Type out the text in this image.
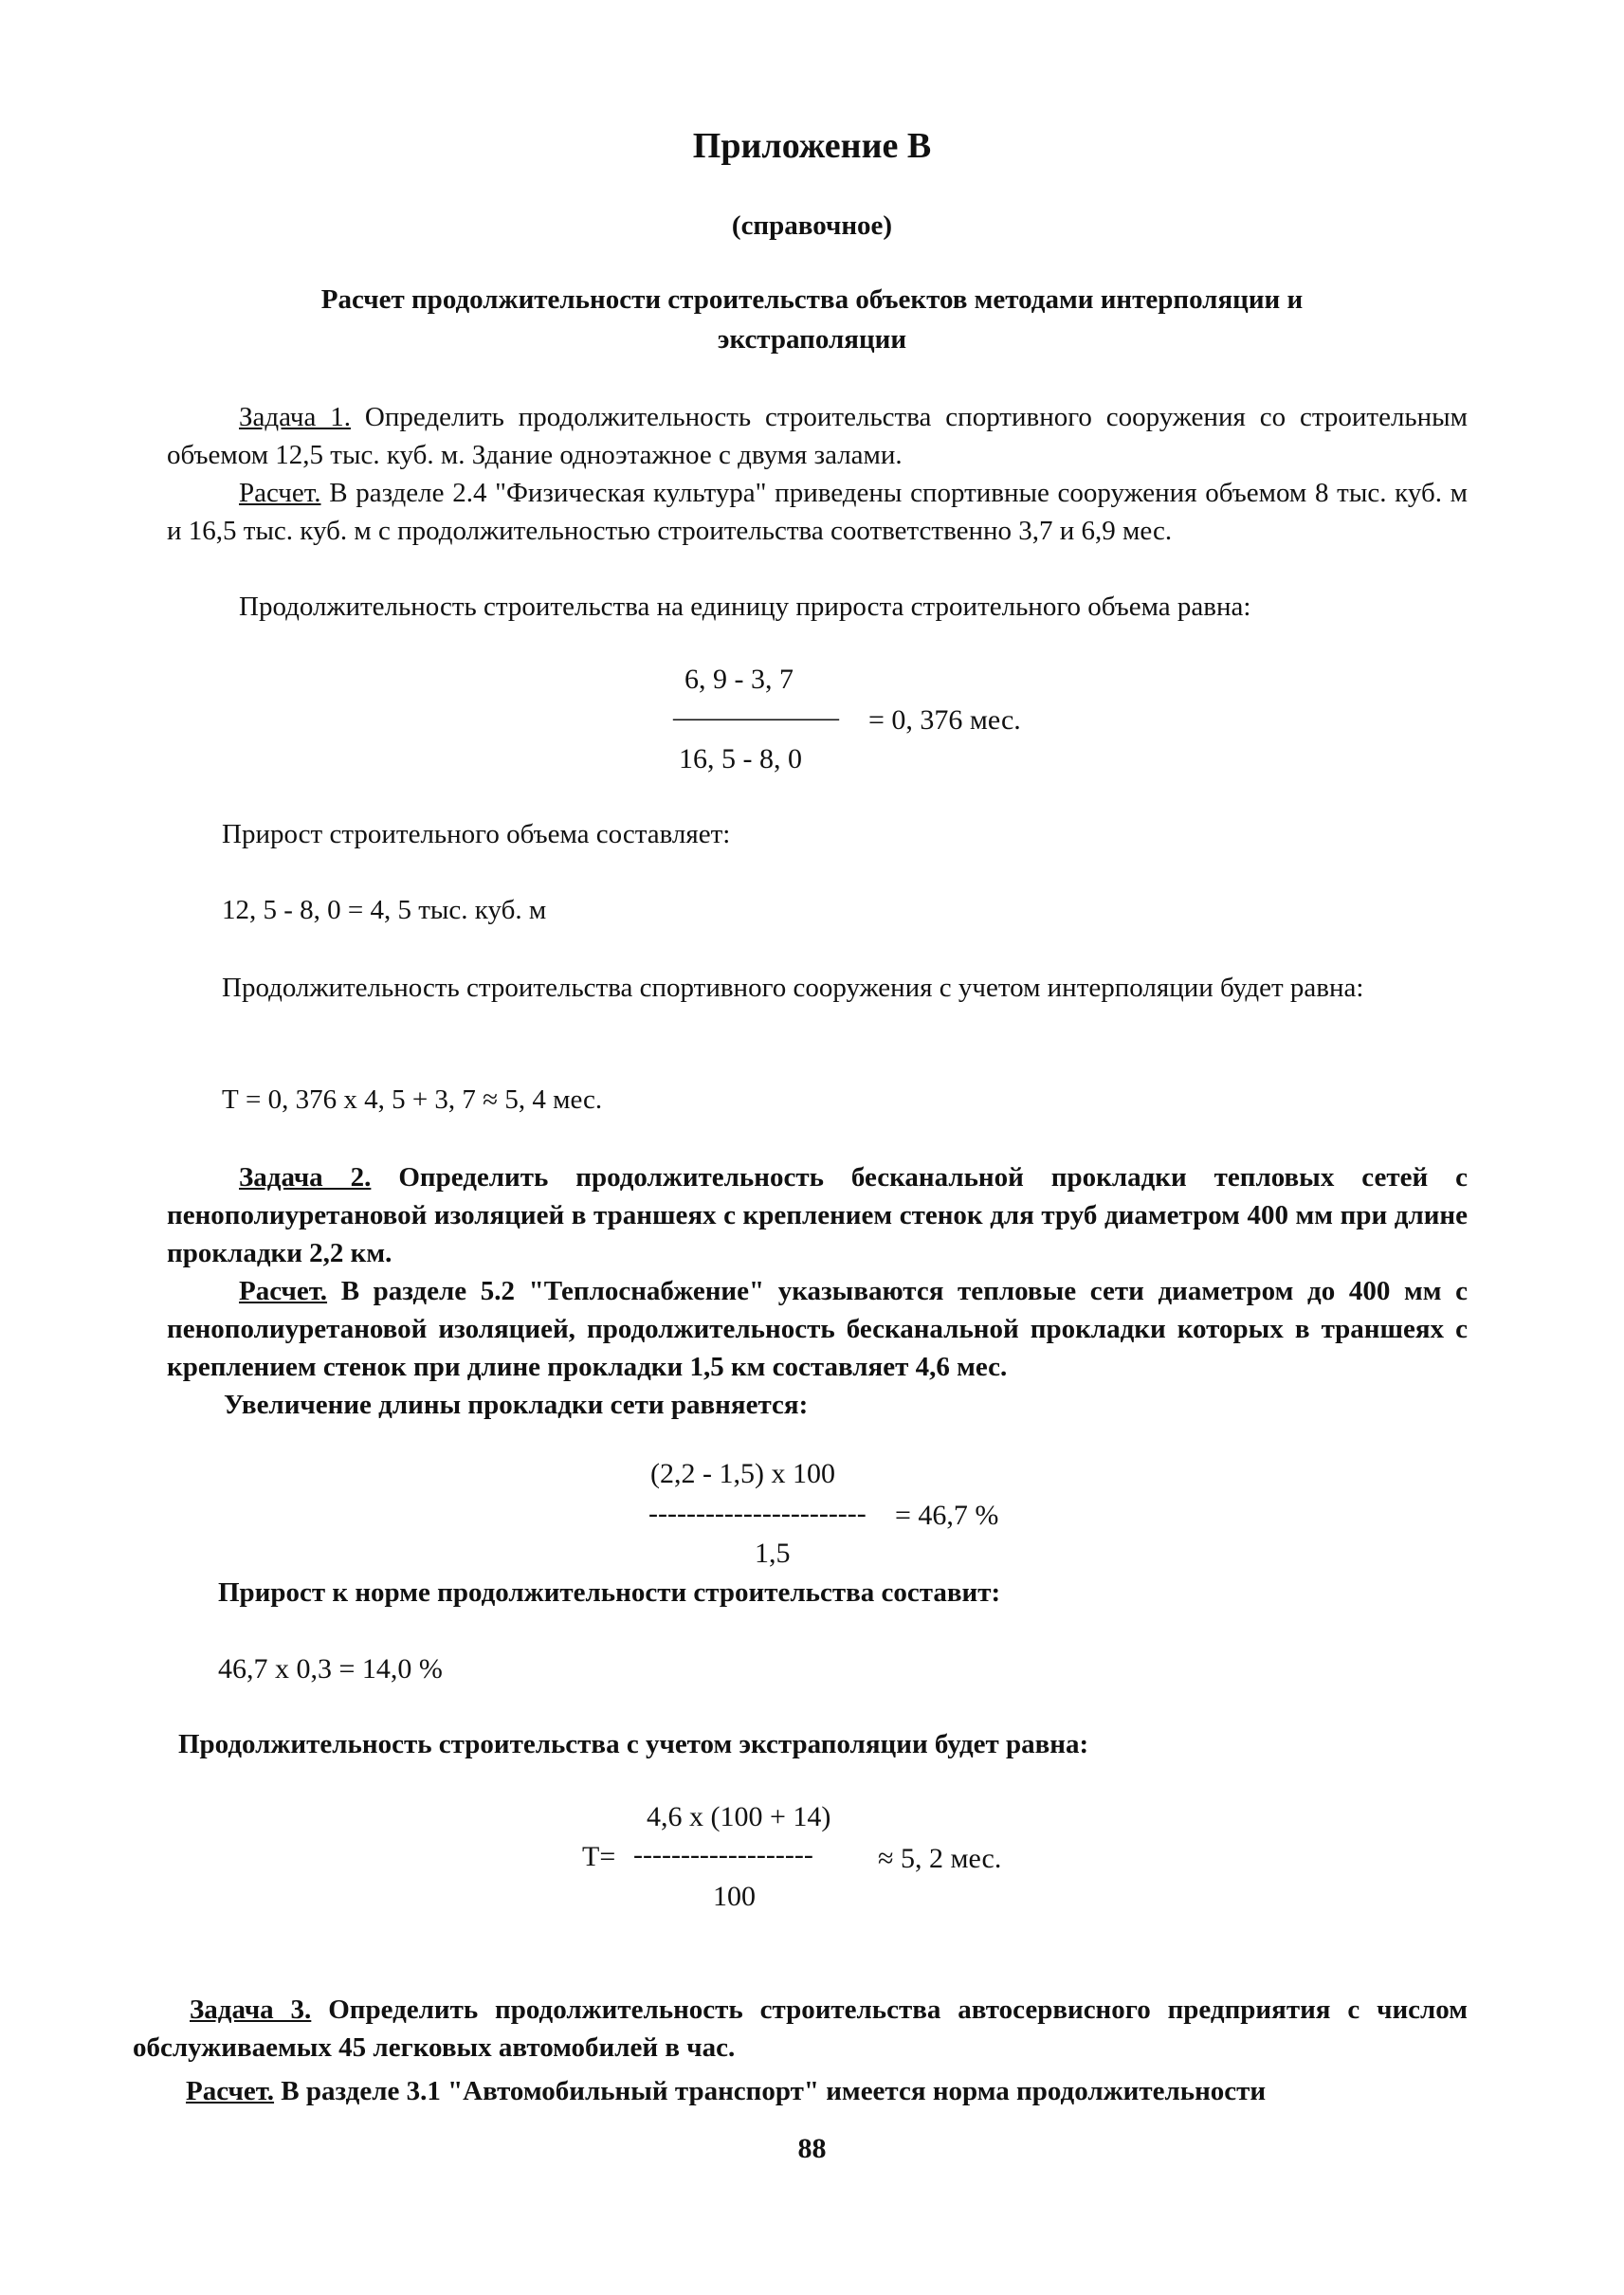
Приложение В
(справочное)
Расчет продолжительности строительства объектов методами интерполяции и
экстраполяции
Задача 1. Определить продолжительность строительства спортивного сооружения со строительным объемом 12,5 тыс. куб. м. Здание одноэтажное с двумя залами.
Расчет. В разделе 2.4 "Физическая культура" приведены спортивные сооружения объемом 8 тыс. куб. м и 16,5 тыс. куб. м с продолжительностью строительства соответственно 3,7 и 6,9 мес.
Продолжительность строительства на единицу прироста строительного объема равна:
6, 9 - 3, 7
—————— = 0, 376 мес.
16, 5 - 8, 0
Прирост строительного объема составляет:
12, 5 - 8, 0 = 4, 5 тыс. куб. м
Продолжительность строительства спортивного сооружения с учетом интерполяции будет равна:
Т = 0, 376 х 4, 5 + 3, 7 ≈ 5, 4 мес.
Задача 2. Определить продолжительность бесканальной прокладки тепловых сетей с пенополиуретановой изоляцией в траншеях с креплением стенок для труб диаметром 400 мм при длине прокладки 2,2 км.
Расчет. В разделе 5.2 "Теплоснабжение" указываются тепловые сети диаметром до 400 мм с пенополиуретановой изоляцией, продолжительность бесканальной прокладки которых в траншеях с креплением стенок при длине прокладки 1,5 км составляет 4,6 мес.
Увеличение длины прокладки сети равняется:
(2,2 - 1,5) х 100
----------------------- = 46,7 %
1,5
Прирост к норме продолжительности строительства составит:
46,7 х 0,3 = 14,0 %
Продолжительность строительства с учетом экстраполяции будет равна:
4,6 х (100 + 14)
Т= ------------------- ≈ 5, 2 мес.
100
Задача 3. Определить продолжительность строительства автосервисного предприятия с числом обслуживаемых 45 легковых автомобилей в час.
Расчет. В разделе 3.1 "Автомобильный транспорт" имеется норма продолжительности
88
